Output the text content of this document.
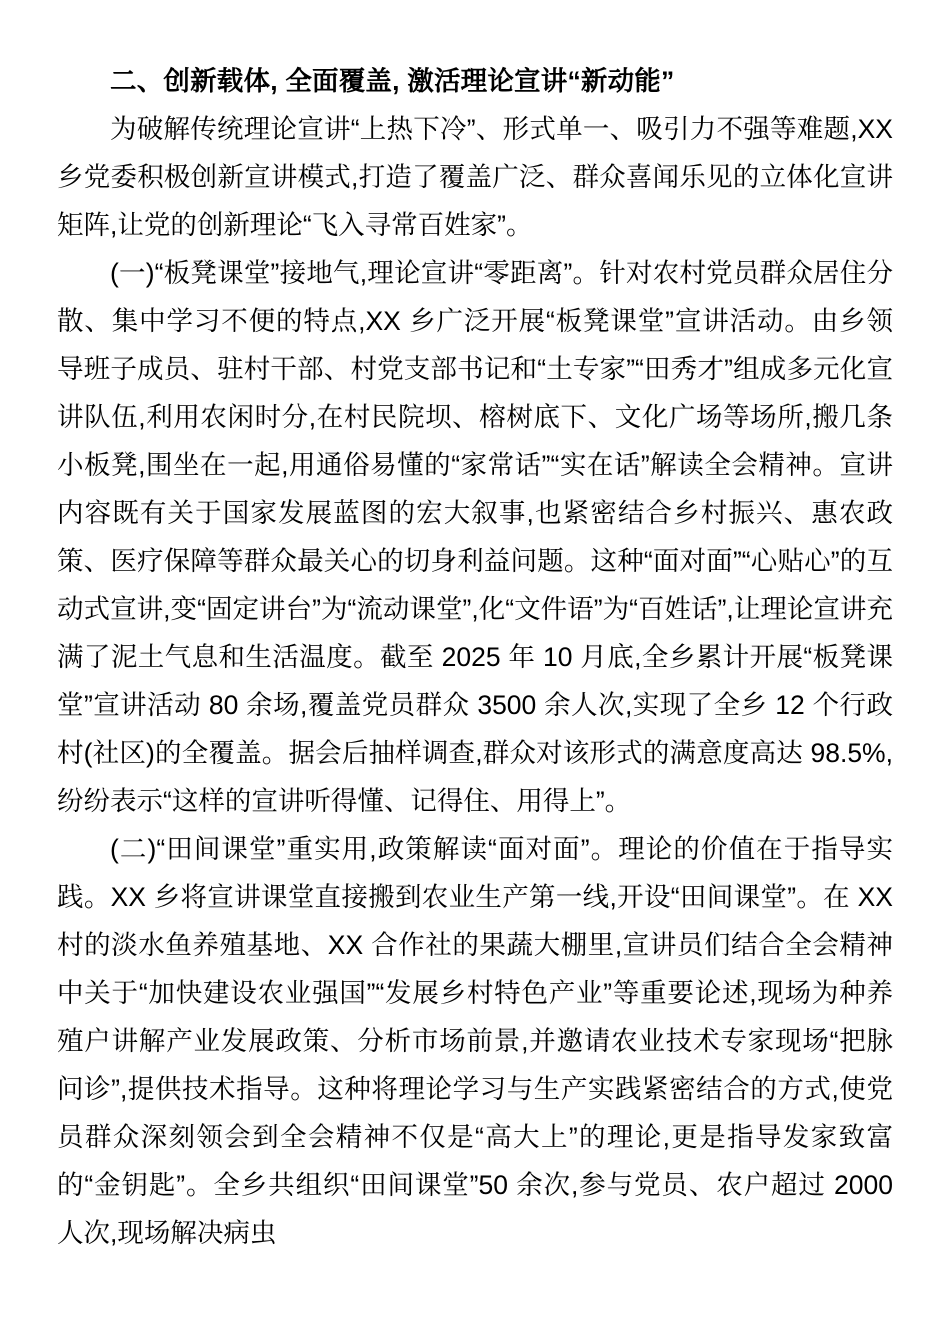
二、创新载体, 全面覆盖, 激活理论宣讲“新动能”

为破解传统理论宣讲“上热下冷”、形式单一、吸引力不强等难题,XX 乡党委积极创新宣讲模式,打造了覆盖广泛、群众喜闻乐见的立体化宣讲矩阵,让党的创新理论“飞入寻常百姓家”。

(一)“板凳课堂”接地气,理论宣讲“零距离”。针对农村党员群众居住分散、集中学习不便的特点,XX 乡广泛开展“板凳课堂”宣讲活动。由乡领导班子成员、驻村干部、村党支部书记和“土专家”“田秀才”组成多元化宣讲队伍,利用农闲时分,在村民院坝、榕树底下、文化广场等场所,搬几条小板凳,围坐在一起,用通俗易懂的“家常话”“实在话”解读全会精神。宣讲内容既有关于国家发展蓝图的宏大叙事,也紧密结合乡村振兴、惠农政策、医疗保障等群众最关心的切身利益问题。这种“面对面”“心贴心”的互动式宣讲,变“固定讲台”为“流动课堂”,化“文件语”为“百姓话”,让理论宣讲充满了泥土气息和生活温度。截至 2025 年 10 月底,全乡累计开展“板凳课堂”宣讲活动 80 余场,覆盖党员群众 3500 余人次,实现了全乡 12 个行政村(社区)的全覆盖。据会后抽样调查,群众对该形式的满意度高达 98.5%,纷纷表示“这样的宣讲听得懂、记得住、用得上”。

(二)“田间课堂”重实用,政策解读“面对面”。理论的价值在于指导实践。XX 乡将宣讲课堂直接搬到农业生产第一线,开设“田间课堂”。在 XX 村的淡水鱼养殖基地、XX 合作社的果蔬大棚里,宣讲员们结合全会精神中关于“加快建设农业强国”“发展乡村特色产业”等重要论述,现场为种养殖户讲解产业发展政策、分析市场前景,并邀请农业技术专家现场“把脉问诊”,提供技术指导。这种将理论学习与生产实践紧密结合的方式,使党员群众深刻领会到全会精神不仅是“高大上”的理论,更是指导发家致富的“金钥匙”。全乡共组织“田间课堂”50 余次,参与党员、农户超过 2000 人次,现场解决病虫
